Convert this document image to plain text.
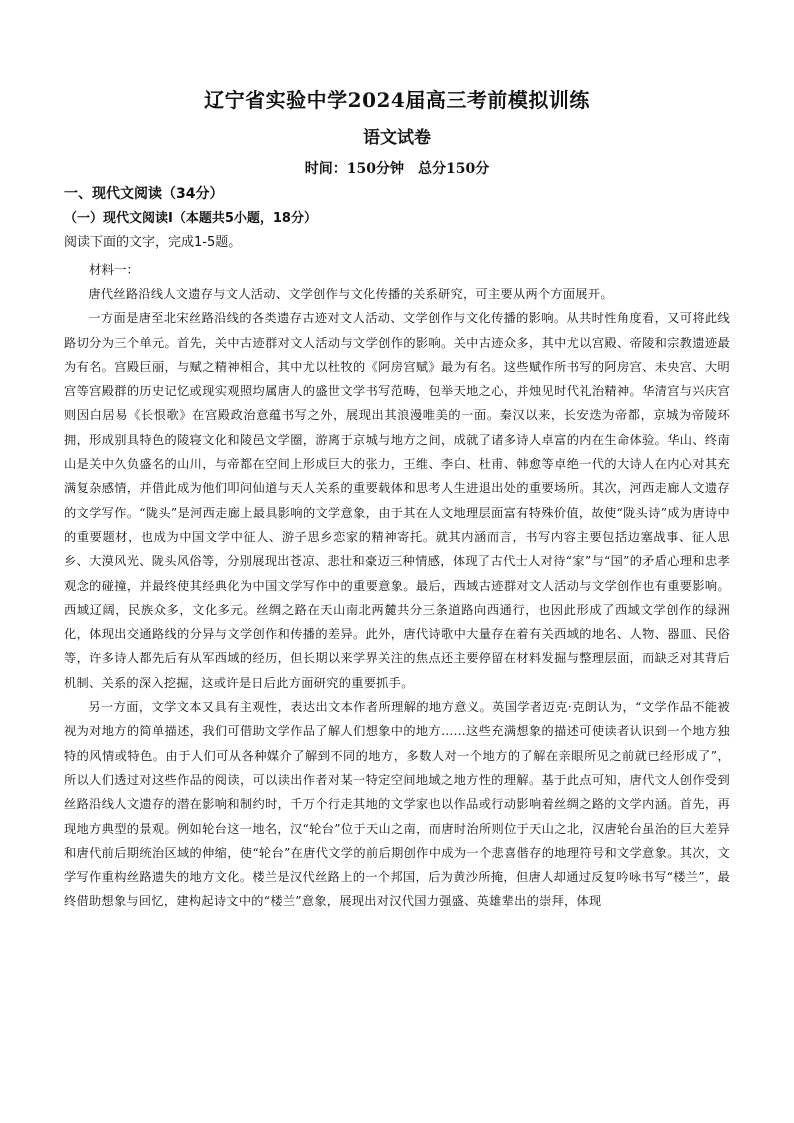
辽宁省实验中学2024届高三考前模拟训练
语文试卷
时间：150分钟　总分150分
一、现代文阅读（34分）
（一）现代文阅读Ⅰ（本题共5小题，18分）
阅读下面的文字，完成1-5题。
材料一：

唐代丝路沿线人文遗存与文人活动、文学创作与文化传播的关系研究，可主要从两个方面展开。

一方面是唐至北宋丝路沿线的各类遗存古迹对文人活动、文学创作与文化传播的影响。从共时性角度看，又可将此线路切分为三个单元。首先，关中古迹群对文人活动与文学创作的影响。关中古迹众多，其中尤以宫殿、帝陵和宗教遗迹最为有名。宫殿巨丽，与赋之精神相合，其中尤以杜牧的《阿房宫赋》最为有名。这些赋作所书写的阿房宫、未央宫、大明宫等宫殿群的历史记忆或现实观照均属唐人的盛世文学书写范畴，包举天地之心，并烛见时代礼治精神。华清宫与兴庆宫则因白居易《长恨歌》在宫殿政治意蕴书写之外，展现出其浪漫唯美的一面。秦汉以来，长安迭为帝都，京城为帝陵环拥，形成别具特色的陵寝文化和陵邑文学圈，游离于京城与地方之间，成就了诸多诗人卓富的内在生命体验。华山、终南山是关中久负盛名的山川，与帝都在空间上形成巨大的张力，王维、李白、杜甫、韩愈等卓绝一代的大诗人在内心对其充满复杂感情，并借此成为他们叩问仙道与天人关系的重要载体和思考人生进退出处的重要场所。其次，河西走廊人文遗存的文学写作。“陇头”是河西走廊上最具影响的文学意象，由于其在人文地理层面富有特殊价值，故使“陇头诗”成为唐诗中的重要题材，也成为中国文学中征人、游子思乡恋家的精神寄托。就其内涵而言，书写内容主要包括边塞战事、征人思乡、大漠风光、陇头风俗等，分别展现出苍凉、悲壮和豪迈三种情感，体现了古代士人对待“家”与“国”的矛盾心理和忠孝观念的碰撞，并最终使其经典化为中国文学写作中的重要意象。最后，西域古迹群对文人活动与文学创作也有重要影响。西域辽阔，民族众多，文化多元。丝绸之路在天山南北两麓共分三条道路向西通行，也因此形成了西域文学创作的绿洲化，体现出交通路线的分异与文学创作和传播的差异。此外，唐代诗歌中大量存在着有关西域的地名、人物、器皿、民俗等，许多诗人都先后有从军西域的经历，但长期以来学界关注的焦点还主要停留在材料发掘与整理层面，而缺乏对其背后机制、关系的深入挖掘，这或许是日后此方面研究的重要抓手。

另一方面，文学文本又具有主观性，表达出文本作者所理解的地方意义。英国学者迈克·克朗认为，“文学作品不能被视为对地方的简单描述，我们可借助文学作品了解人们想象中的地方……这些充满想象的描述可使读者认识到一个地方独特的风情或特色。由于人们可从各种媒介了解到不同的地方，多数人对一个地方的了解在亲眼所见之前就已经形成了”，所以人们透过对这些作品的阅读，可以读出作者对某一特定空间地域之地方性的理解。基于此点可知，唐代文人创作受到丝路沿线人文遗存的潜在影响和制约时，千万个行走其地的文学家也以作品或行动影响着丝绸之路的文学内涵。首先，再现地方典型的景观。例如轮台这一地名，汉“轮台”位于天山之南，而唐时治所则位于天山之北，汉唐轮台虽治的巨大差异和唐代前后期统治区域的伸缩，使“轮台”在唐代文学的前后期创作中成为一个悲喜偕存的地理符号和文学意象。其次，文学写作重构丝路遗失的地方文化。楼兰是汉代丝路上的一个邦国，后为黄沙所掩，但唐人却通过反复吟咏书写“楼兰”，最终借助想象与回忆，建构起诗文中的“楼兰”意象，展现出对汉代国力强盛、英雄辈出的崇拜，体现
